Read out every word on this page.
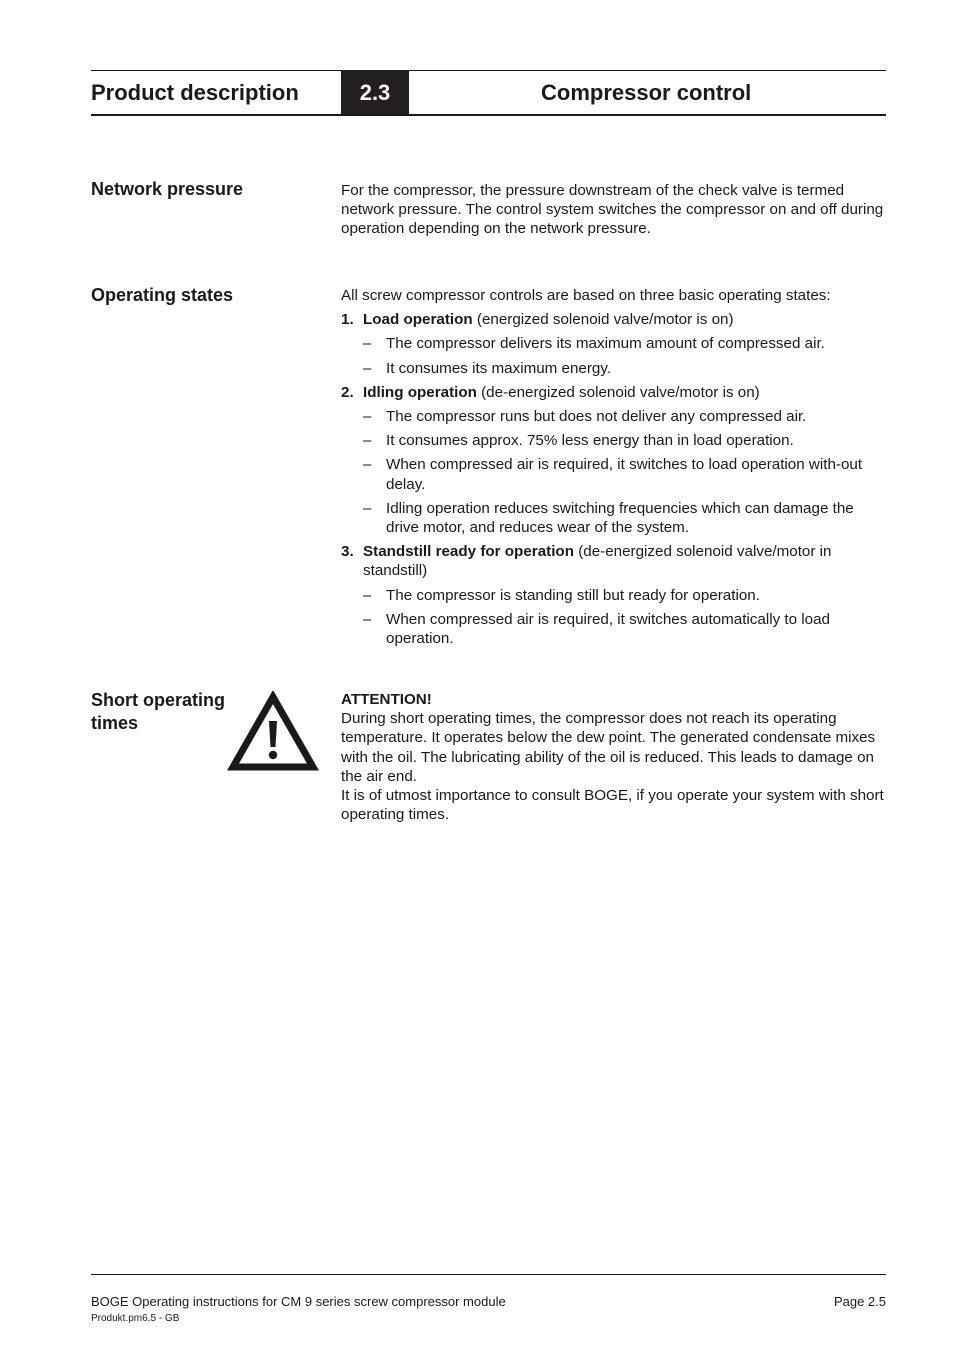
Product description	2.3	Compressor control
Network pressure	For the compressor, the pressure downstream of the check valve is termed network pressure. The control system switches the compressor on and off during operation depending on the network pressure.

Operating states	All screw compressor controls are based on three basic operating states:

1. Load operation (energized solenoid valve/motor is on)
– The compressor delivers its maximum amount of compressed air.
– It consumes its maximum energy.
2. Idling operation (de-energized solenoid valve/motor is on)
– The compressor runs but does not deliver any compressed air.
– It consumes approx. 75% less energy than in load operation.
– When compressed air is required, it switches to load operation with-out delay.
– Idling operation reduces switching frequencies which can damage the drive motor, and reduces wear of the system.
3. Standstill ready for operation (de-energized solenoid valve/motor in standstill)
– The compressor is standing still but ready for operation.
– When compressed air is required, it switches automatically to load operation.
Short operating times

ATTENTION!

During short operating times, the compressor does not reach its operating temperature. It operates below the dew point. The generated condensate mixes with the oil. The lubricating ability of the oil is reduced. This leads to damage on the air end.

It is of utmost importance to consult BOGE, if you operate your system with short operating times.

BOGE Operating instructions for CM 9 series screw compressor module	Page 2.5
Produkt.pm6.5 - GB
